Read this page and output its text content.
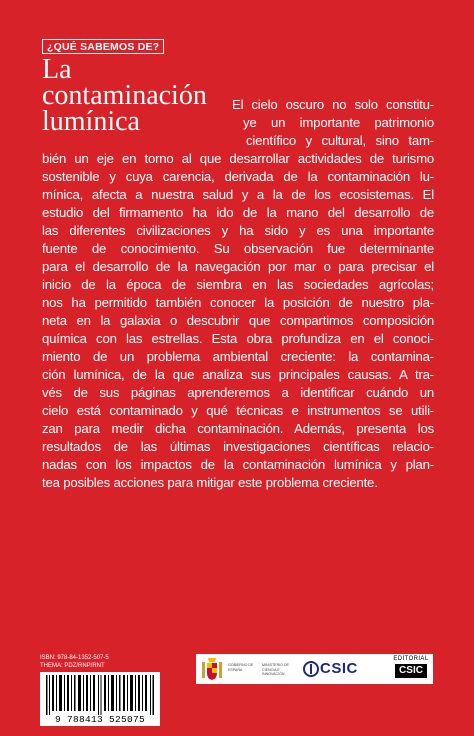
¿QUÉ SABEMOS DE?
La
contaminación
lumínica
El cielo oscuro no solo constitu-
ye un importante patrimonio
científico y cultural, sino tam-
bién un eje en torno al que desarrollar actividades de turismo
sostenible y cuya carencia, derivada de la contaminación lu-
mínica, afecta a nuestra salud y a la de los ecosistemas. El
estudio del firmamento ha ido de la mano del desarrollo de
las diferentes civilizaciones y ha sido y es una importante
fuente de conocimiento. Su observación fue determinante
para el desarrollo de la navegación por mar o para precisar el
inicio de la época de siembra en las sociedades agrícolas;
nos ha permitido también conocer la posición de nuestro pla-
neta en la galaxia o descubrir que compartimos composición
química con las estrellas. Esta obra profundiza en el conoci-
miento de un problema ambiental creciente: la contamina-
ción lumínica, de la que analiza sus principales causas. A tra-
vés de sus páginas aprenderemos a identificar cuándo un
cielo está contaminado y qué técnicas e instrumentos se utili-
zan para medir dicha contaminación. Además, presenta los
resultados de las últimas investigaciones científicas relacio-
nadas con los impactos de la contaminación lumínica y plan-
tea posibles acciones para mitigar este problema creciente.
ISBN: 978-84-1352-507-5
THEMA: PDZ/RNP/RNT
9 788413 525075
GOBIERNO DE ESPAÑA
MINISTERIO DE CIENCIA E INNOVACIÓN	CSIC
EDITORIAL
CSIC
